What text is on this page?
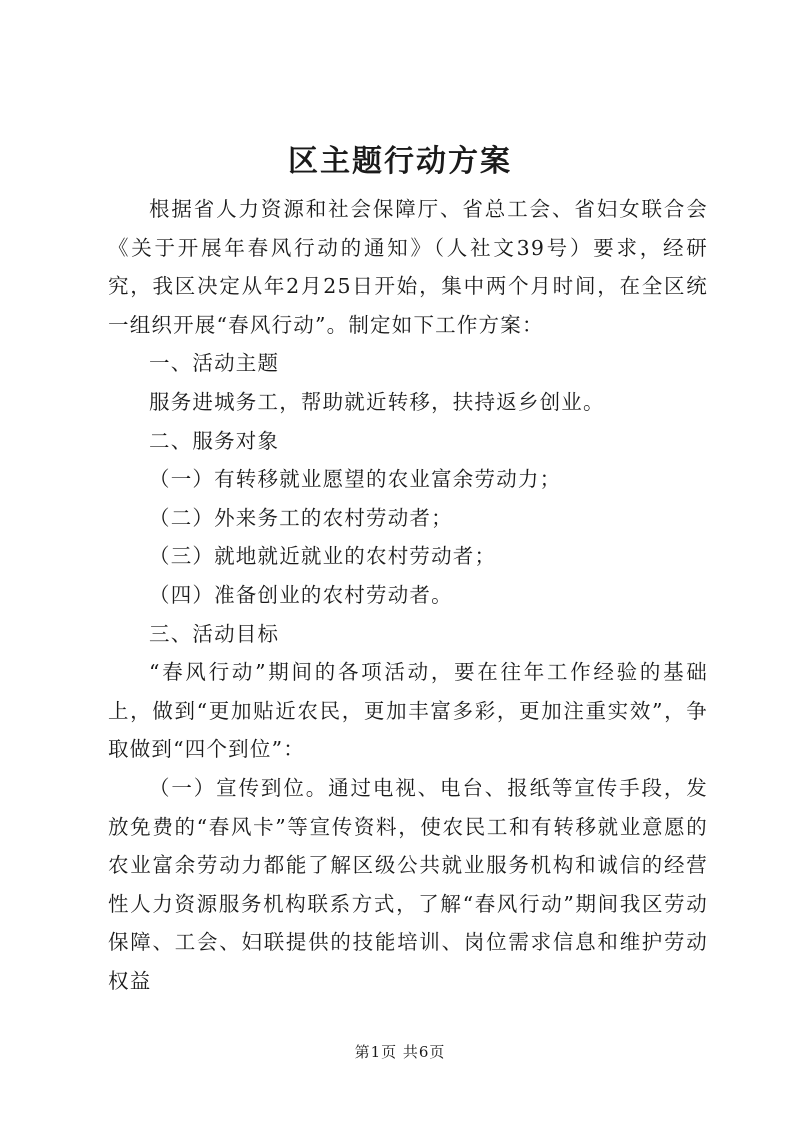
区主题行动方案

根据省人力资源和社会保障厅、省总工会、省妇女联合会《关于开展年春风行动的通知》（人社文39号）要求，经研究，我区决定从年2月25日开始，集中两个月时间，在全区统一组织开展“春风行动”。制定如下工作方案：

一、活动主题

服务进城务工，帮助就近转移，扶持返乡创业。

二、服务对象

（一）有转移就业愿望的农业富余劳动力；

（二）外来务工的农村劳动者；

（三）就地就近就业的农村劳动者；

（四）准备创业的农村劳动者。

三、活动目标

“春风行动”期间的各项活动，要在往年工作经验的基础上，做到“更加贴近农民，更加丰富多彩，更加注重实效”，争取做到“四个到位”：

（一）宣传到位。通过电视、电台、报纸等宣传手段，发放免费的“春风卡”等宣传资料，使农民工和有转移就业意愿的农业富余劳动力都能了解区级公共就业服务机构和诚信的经营性人力资源服务机构联系方式，了解“春风行动”期间我区劳动保障、工会、妇联提供的技能培训、岗位需求信息和维护劳动权益

第1页 共6页
